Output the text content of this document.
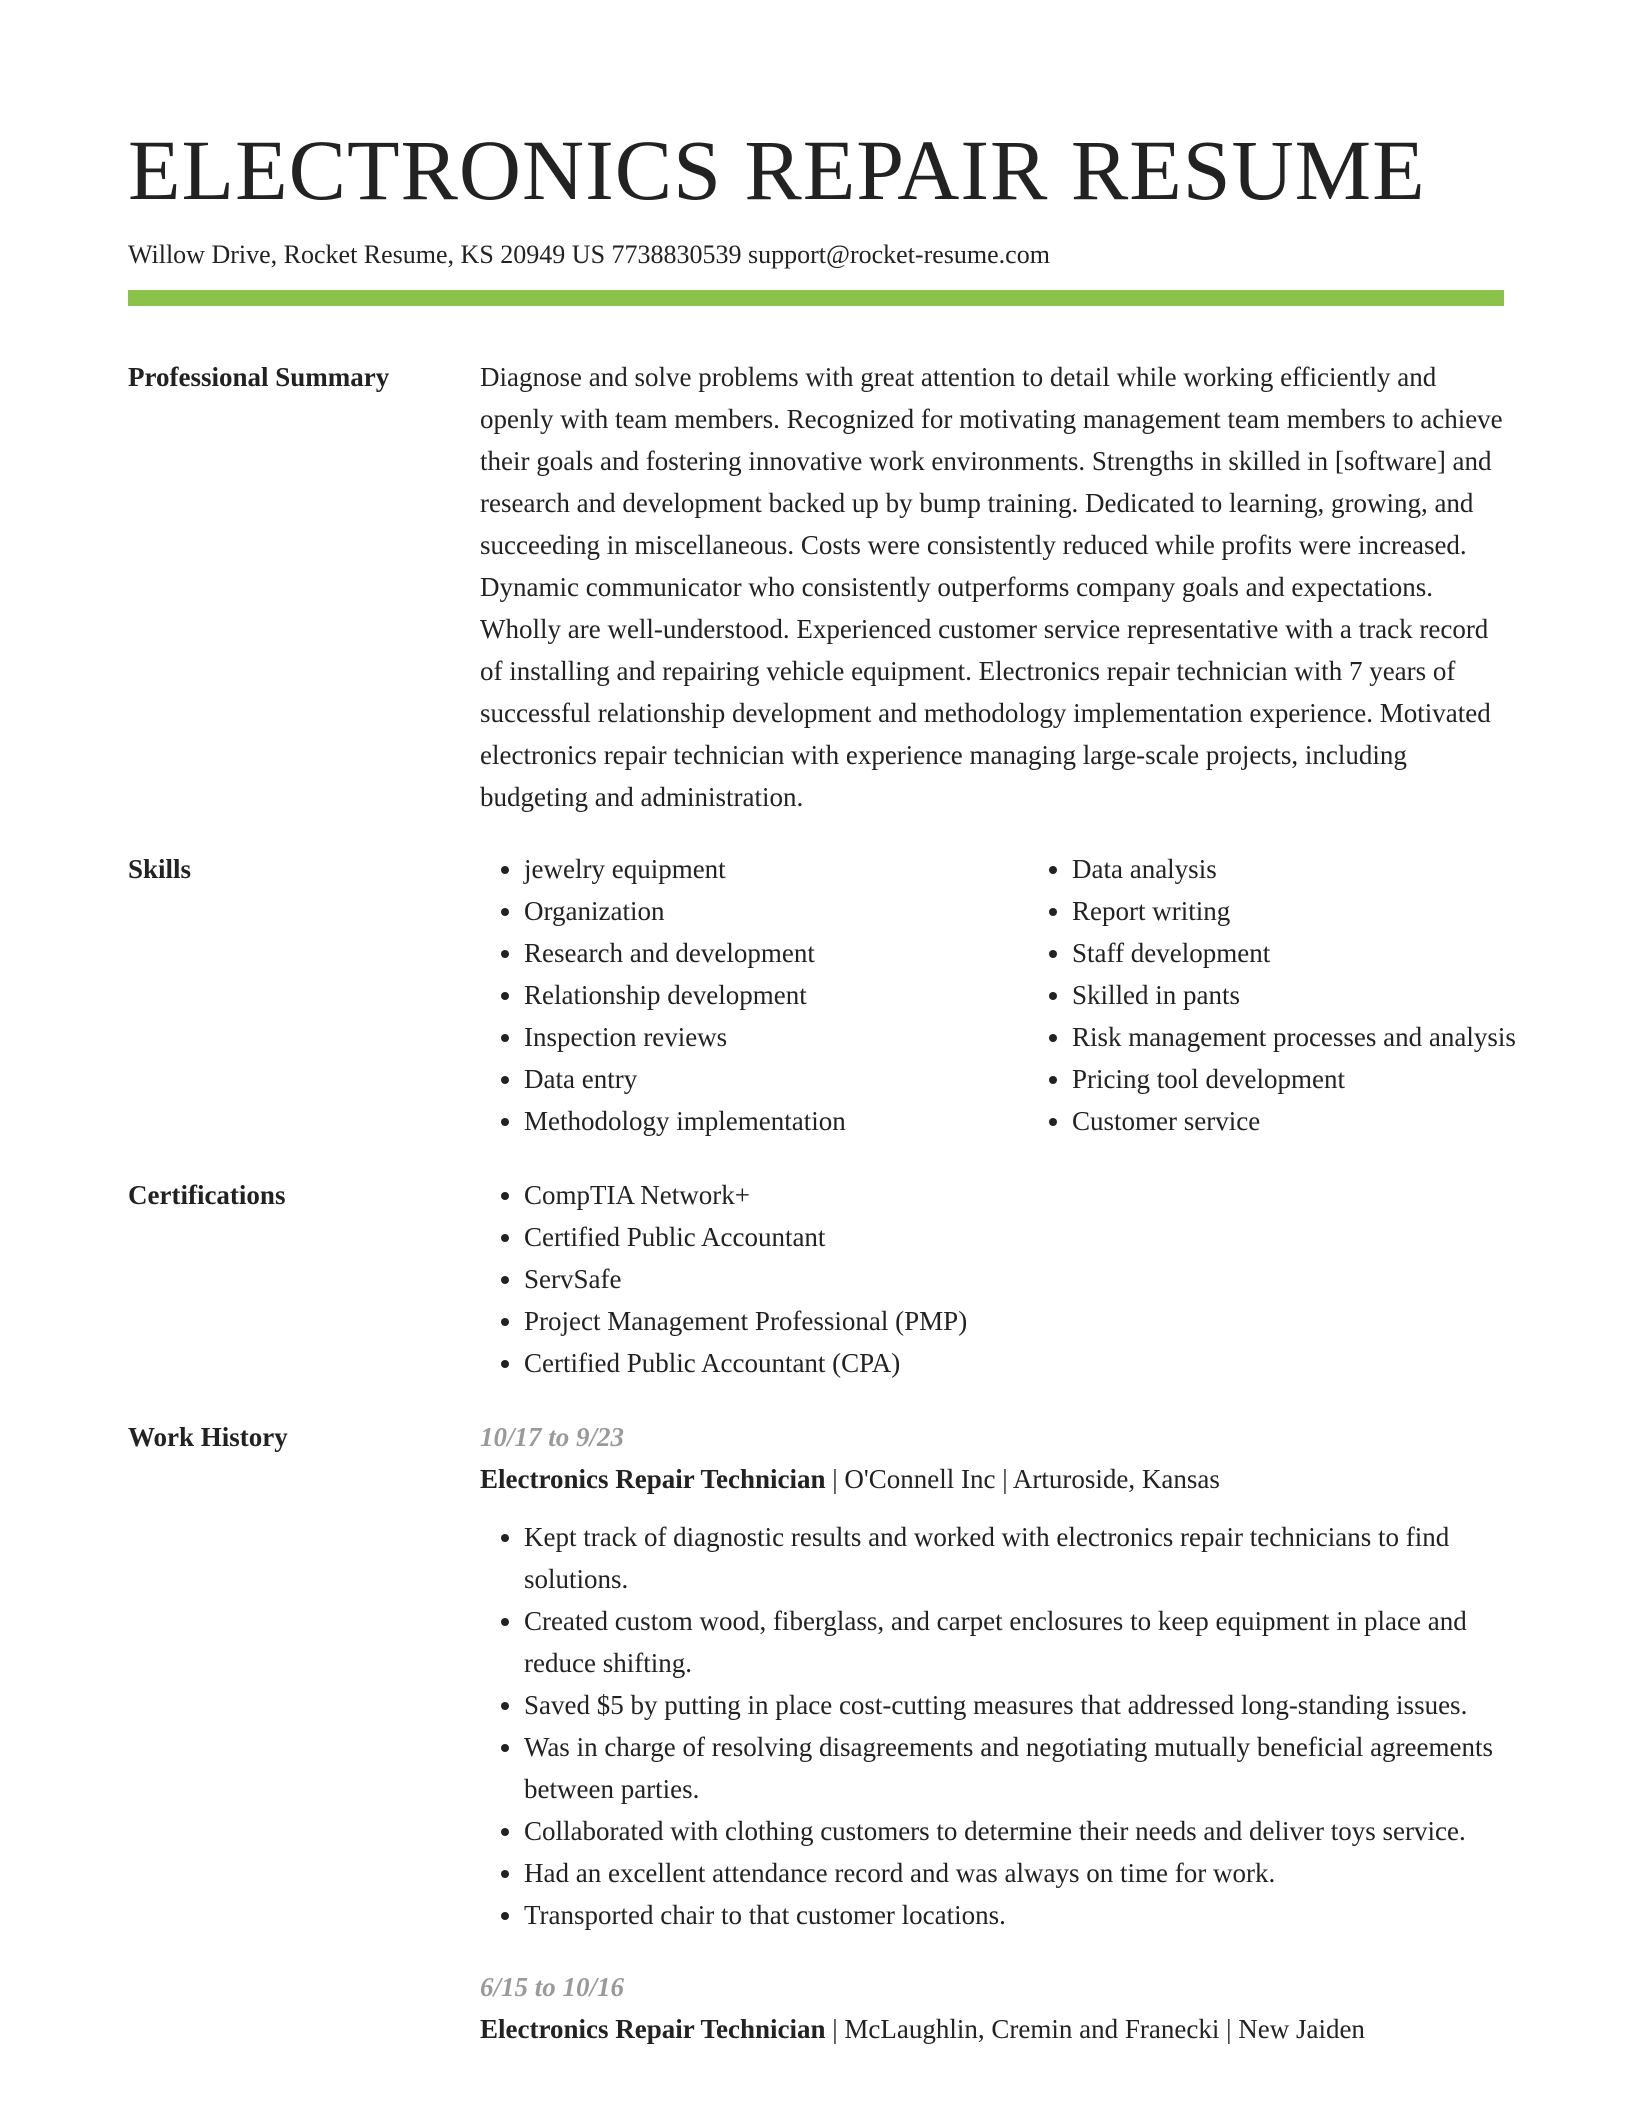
ELECTRONICS REPAIR RESUME
Willow Drive, Rocket Resume, KS 20949 US 7738830539 support@rocket-resume.com
Professional Summary	Diagnose and solve problems with great attention to detail while working efficiently and openly with team members. Recognized for motivating management team members to achieve their goals and fostering innovative work environments. Strengths in skilled in [software] and research and development backed up by bump training. Dedicated to learning, growing, and succeeding in miscellaneous. Costs were consistently reduced while profits were increased. Dynamic communicator who consistently outperforms company goals and expectations. Wholly are well-understood. Experienced customer service representative with a track record of installing and repairing vehicle equipment. Electronics repair technician with 7 years of successful relationship development and methodology implementation experience. Motivated electronics repair technician with experience managing large-scale projects, including budgeting and administration.

Skills	• jewelry equipment
• Organization
• Research and development
• Relationship development
• Inspection reviews
• Data entry
• Methodology implementation
• Data analysis
• Report writing
• Staff development
• Skilled in pants
• Risk management processes and analysis
• Pricing tool development
• Customer service
Certifications	• CompTIA Network+
• Certified Public Accountant
• ServSafe
• Project Management Professional (PMP)
• Certified Public Accountant (CPA)
Work History	10/17 to 9/23
Electronics Repair Technician | O'Connell Inc | Arturoside, Kansas
• Kept track of diagnostic results and worked with electronics repair technicians to find solutions.
• Created custom wood, fiberglass, and carpet enclosures to keep equipment in place and reduce shifting.
• Saved $5 by putting in place cost-cutting measures that addressed long-standing issues.
• Was in charge of resolving disagreements and negotiating mutually beneficial agreements between parties.
• Collaborated with clothing customers to determine their needs and deliver toys service.
• Had an excellent attendance record and was always on time for work.
• Transported chair to that customer locations.
6/15 to 10/16
Electronics Repair Technician | McLaughlin, Cremin and Franecki | New Jaiden
